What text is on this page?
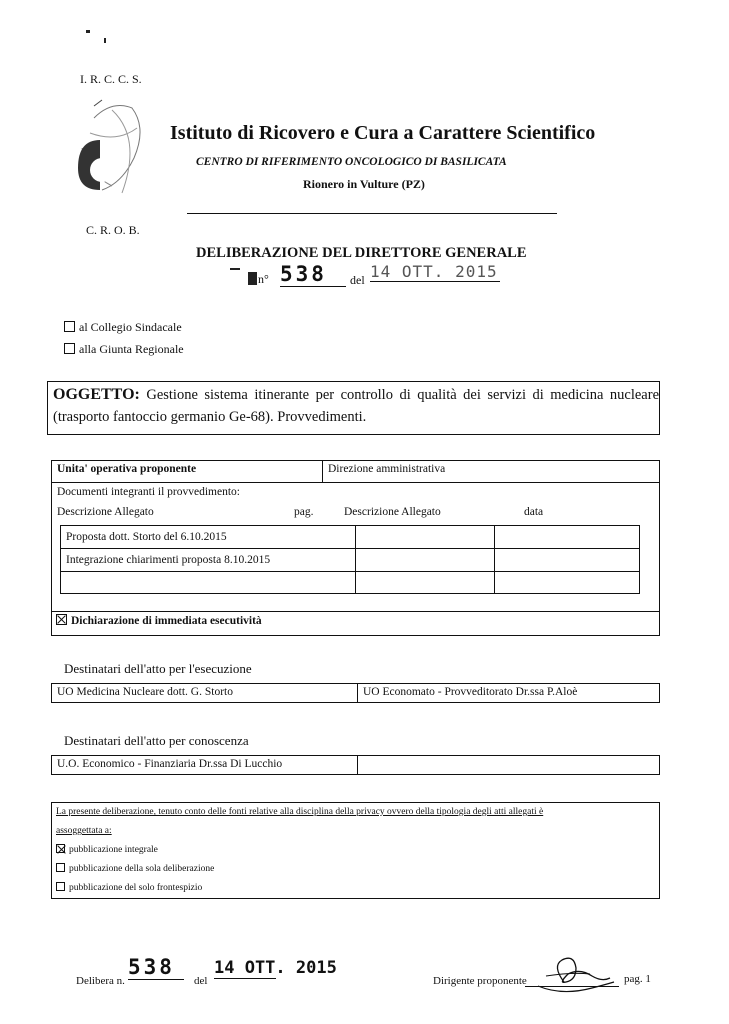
I. R. C. C. S.
Istituto di Ricovero e Cura a Carattere Scientifico
CENTRO DI RIFERIMENTO ONCOLOGICO DI BASILICATA
Rionero in Vulture (PZ)
C. R. O. B.
DELIBERAZIONE DEL DIRETTORE GENERALE
n° 538	del 14 OTT. 2015
al Collegio Sindacale
alla Giunta Regionale
OGGETTO: Gestione sistema itinerante per controllo di qualità dei servizi di medicina nucleare (trasporto fantoccio germanio Ge-68). Provvedimenti.
Unita' operativa proponente	Direzione amministrativa
Documenti integranti il provvedimento:
Descrizione Allegato	pag.	Descrizione Allegato	data
Proposta dott. Storto del 6.10.2015		
Integrazione chiarimenti proposta 8.10.2015		

Dichiarazione di immediata esecutività
Destinatari dell'atto per l'esecuzione
UO Medicina Nucleare dott. G. Storto	UO Economato - Provveditorato Dr.ssa P.Aloè
Destinatari dell'atto per conoscenza
U.O. Economico - Finanziaria Dr.ssa Di Lucchio
La presente deliberazione, tenuto conto delle fonti relative alla disciplina della privacy ovvero della tipologia degli atti allegati è
assoggettata a:
pubblicazione integrale
pubblicazione della sola deliberazione
pubblicazione del solo frontespizio
Delibera n.
538
del
14 OTT. 2015
Dirigente proponente	pag. 1
